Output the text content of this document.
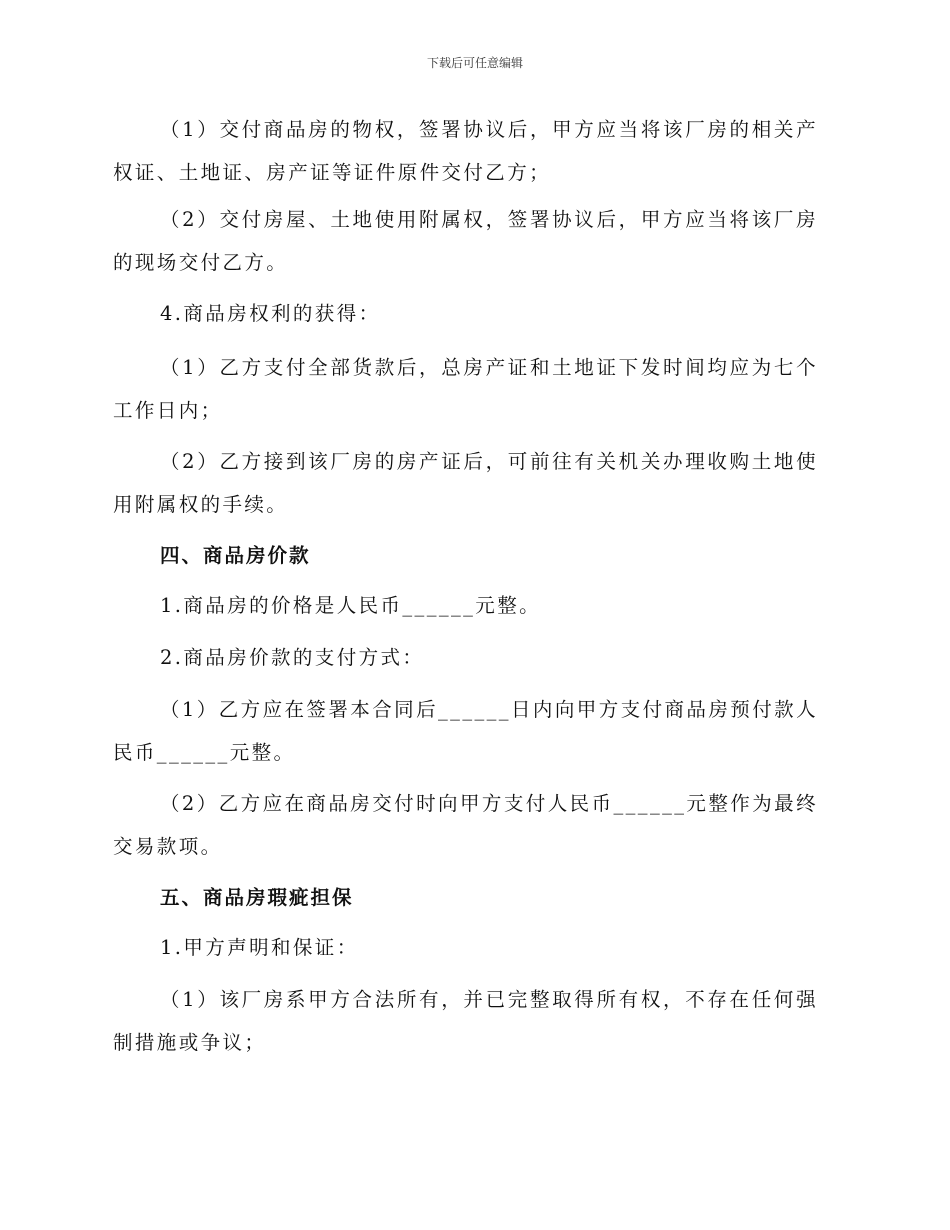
下载后可任意编辑

（1）交付商品房的物权，签署协议后，甲方应当将该厂房的相关产权证、土地证、房产证等证件原件交付乙方；

（2）交付房屋、土地使用附属权，签署协议后，甲方应当将该厂房的现场交付乙方。

4.商品房权利的获得：

（1）乙方支付全部货款后，总房产证和土地证下发时间均应为七个工作日内；

（2）乙方接到该厂房的房产证后，可前往有关机关办理收购土地使用附属权的手续。

四、商品房价款

1.商品房的价格是人民币______元整。

2.商品房价款的支付方式：

（1）乙方应在签署本合同后______日内向甲方支付商品房预付款人民币______元整。

（2）乙方应在商品房交付时向甲方支付人民币______元整作为最终交易款项。

五、商品房瑕疵担保

1.甲方声明和保证：

（1）该厂房系甲方合法所有，并已完整取得所有权，不存在任何强制措施或争议；
